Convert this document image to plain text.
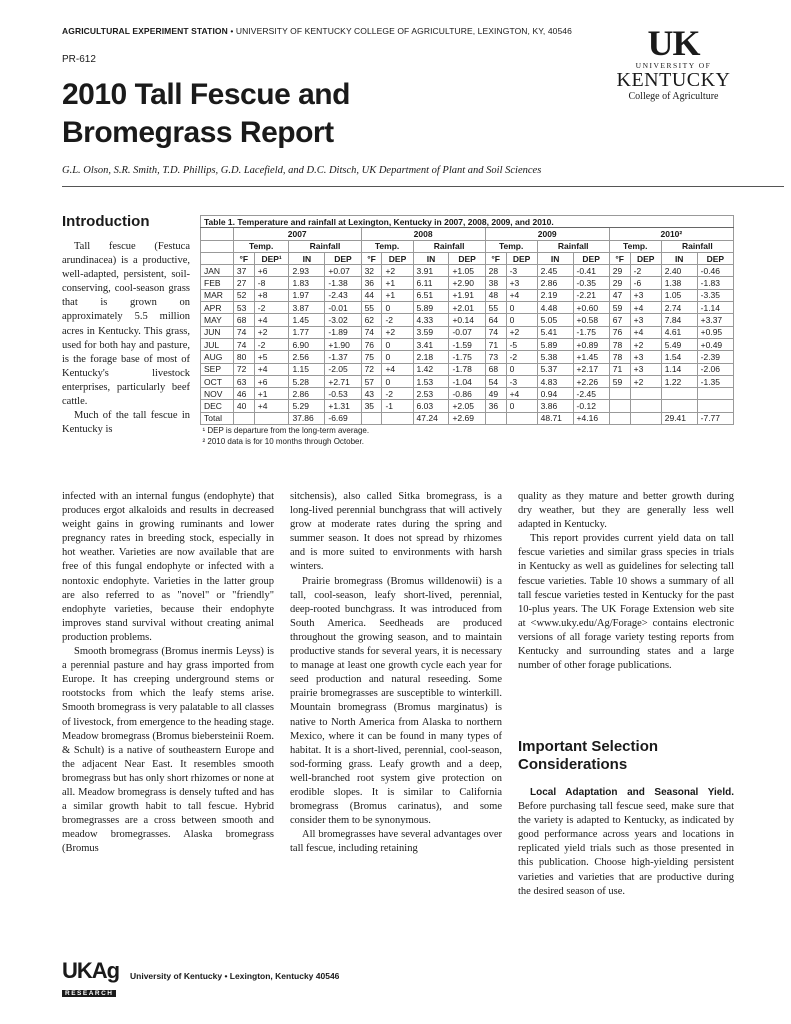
AGRICULTURAL EXPERIMENT STATION • UNIVERSITY OF KENTUCKY COLLEGE OF AGRICULTURE, LEXINGTON, KY, 40546
PR-612	UK
UNIVERSITY OF
KENTUCKY
College of Agriculture
2010 Tall Fescue and
Bromegrass Report
G.L. Olson, S.R. Smith, T.D. Phillips, G.D. Lacefield, and D.C. Ditsch, UK Department of Plant and Soil Sciences
Introduction

Tall fescue (Festuca arundinacea) is a productive, well-adapted, persistent, soil-conserving, cool-season grass that is grown on approximately 5.5 million acres in Kentucky. This grass, used for both hay and pasture, is the forage base of most of Kentucky's livestock enterprises, particularly beef cattle.

Much of the tall fescue in Kentucky is

Table 1. Temperature and rainfall at Lexington, Kentucky in 2007, 2008, 2009, and 2010.																
	2007				2008				2009				2010²			
	Temp.		Rainfall		Temp.		Rainfall		Temp.		Rainfall		Temp.		Rainfall	
	°F	DEP¹	IN	DEP	°F	DEP	IN	DEP	°F	DEP	IN	DEP	°F	DEP	IN	DEP
JAN	37	+6	2.93	+0.07	32	+2	3.91	+1.05	28	-3	2.45	-0.41	29	-2	2.40	-0.46
FEB	27	-8	1.83	-1.38	36	+1	6.11	+2.90	38	+3	2.86	-0.35	29	-6	1.38	-1.83
MAR	52	+8	1.97	-2.43	44	+1	6.51	+1.91	48	+4	2.19	-2.21	47	+3	1.05	-3.35
APR	53	-2	3.87	-0.01	55	0	5.89	+2.01	55	0	4.48	+0.60	59	+4	2.74	-1.14
MAY	68	+4	1.45	-3.02	62	-2	4.33	+0.14	64	0	5.05	+0.58	67	+3	7.84	+3.37
JUN	74	+2	1.77	-1.89	74	+2	3.59	-0.07	74	+2	5.41	-1.75	76	+4	4.61	+0.95
JUL	74	-2	6.90	+1.90	76	0	3.41	-1.59	71	-5	5.89	+0.89	78	+2	5.49	+0.49
AUG	80	+5	2.56	-1.37	75	0	2.18	-1.75	73	-2	5.38	+1.45	78	+3	1.54	-2.39
SEP	72	+4	1.15	-2.05	72	+4	1.42	-1.78	68	0	5.37	+2.17	71	+3	1.14	-2.06
OCT	63	+6	5.28	+2.71	57	0	1.53	-1.04	54	-3	4.83	+2.26	59	+2	1.22	-1.35
NOV	46	+1	2.86	-0.53	43	-2	2.53	-0.86	49	+4	0.94	-2.45				
DEC	40	+4	5.29	+1.31	35	-1	6.03	+2.05	36	0	3.86	-0.12				
Total			37.86	-6.69			47.24	+2.69			48.71	+4.16			29.41	-7.77
¹ DEP is departure from the long-term average.																
² 2010 data is for 10 months through October.																

infected with an internal fungus (endophyte) that produces ergot alkaloids and results in decreased weight gains in growing ruminants and lower pregnancy rates in breeding stock, especially in hot weather. Varieties are now available that are free of this fungal endophyte or infected with a nontoxic endophyte. Varieties in the latter group are also referred to as "novel" or "friendly" endophyte varieties, because their endophyte improves stand survival without creating animal production problems.

Smooth bromegrass (Bromus inermis Leyss) is a perennial pasture and hay grass imported from Europe. It has creeping underground stems or rootstocks from which the leafy stems arise. Smooth bromegrass is very palatable to all classes of livestock, from emergence to the heading stage. Meadow bromegrass (Bromus biebersteinii Roem. & Schult) is a native of southeastern Europe and the adjacent Near East. It resembles smooth bromegrass but has only short rhizomes or none at all. Meadow bromegrass is densely tufted and has a similar growth habit to tall fescue. Hybrid bromegrasses are a cross between smooth and meadow bromegrasses. Alaska bromegrass (Bromus

sitchensis), also called Sitka bromegrass, is a long-lived perennial bunchgrass that will actively grow at moderate rates during the spring and summer season. It does not spread by rhizomes and is more suited to environments with harsh winters.

Prairie bromegrass (Bromus willdenowii) is a tall, cool-season, leafy short-lived, perennial, deep-rooted bunchgrass. It was introduced from South America. Seedheads are produced throughout the growing season, and to maintain productive stands for several years, it is necessary to manage at least one growth cycle each year for seed production and natural reseeding. Some prairie bromegrasses are susceptible to winterkill. Mountain bromegrass (Bromus marginatus) is native to North America from Alaska to northern Mexico, where it can be found in many types of habitat. It is a short-lived, perennial, cool-season, sod-forming grass. Leafy growth and a deep, well-branched root system give protection on erodible slopes. It is similar to California bromegrass (Bromus carinatus), and some consider them to be synonymous.

All bromegrasses have several advantages over tall fescue, including retaining

quality as they mature and better growth during dry weather, but they are generally less well adapted in Kentucky.

This report provides current yield data on tall fescue varieties and similar grass species in trials in Kentucky as well as guidelines for selecting tall fescue varieties. Table 10 shows a summary of all tall fescue varieties tested in Kentucky for the past 10-plus years. The UK Forage Extension web site at <www.uky.edu/Ag/Forage> contains electronic versions of all forage variety testing reports from Kentucky and surrounding states and a large number of other forage publications.

Important Selection
Considerations

Local Adaptation and Seasonal Yield. Before purchasing tall fescue seed, make sure that the variety is adapted to Kentucky, as indicated by good performance across years and locations in replicated yield trials such as those presented in this publication. Choose high-yielding persistent varieties and varieties that are productive during the desired season of use.

UKAg
RESEARCH
University of Kentucky • Lexington, Kentucky 40546
